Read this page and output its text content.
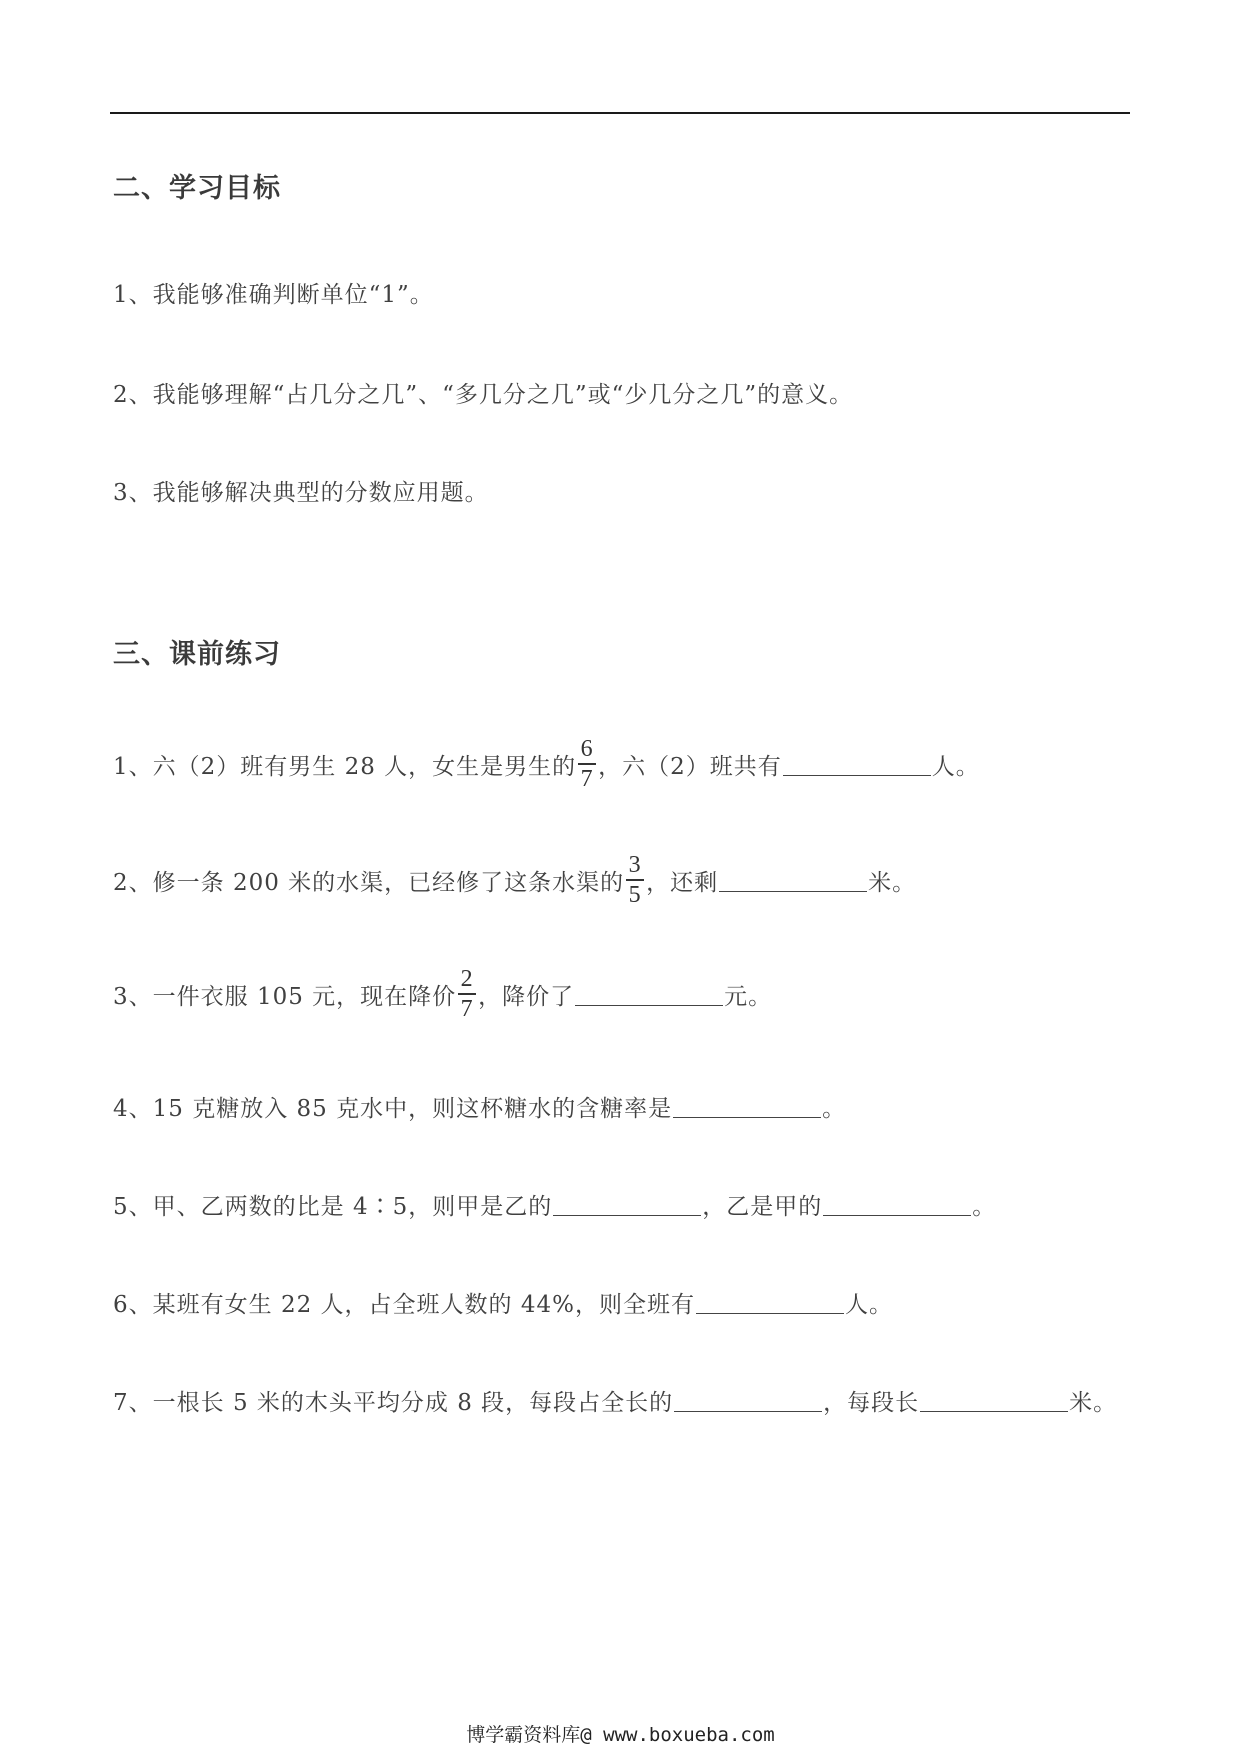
二、学习目标
1、我能够准确判断单位“1”。
2、我能够理解“占几分之几”、“多几分之几”或“少几分之几”的意义。
3、我能够解决典型的分数应用题。
三、课前练习
1、六（2）班有男生 28 人，女生是男生的 $\frac{6}{7}$ ，六（2）班共有	人。
2、修一条 200 米的水渠，已经修了这条水渠的 $\frac{3}{5}$ ，还剩	米。
3、一件衣服 105 元，现在降价 $\frac{2}{7}$ ，降价了	元。
4、15 克糖放入 85 克水中，则这杯糖水的含糖率是	。
5、甲、乙两数的比是 4∶5，则甲是乙的	，乙是甲的	。
6、某班有女生 22 人，占全班人数的 44%，则全班有	人。
7、一根长 5 米的木头平均分成 8 段，每段占全长的	，每段长	米。
博学霸资料库@ www.boxueba.com
